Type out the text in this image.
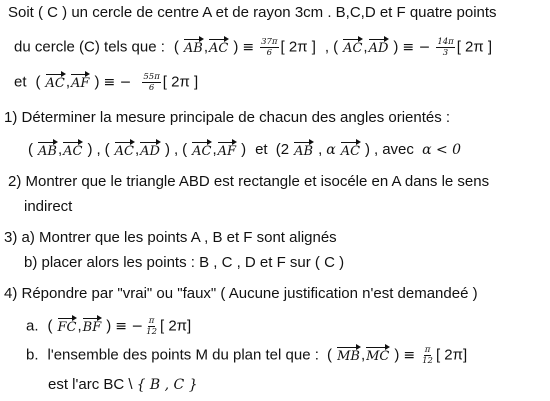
Soit ( C ) un cercle de centre A et de rayon 3cm . B,C,D et F quatre points
du cercle (C) tels que : ( AB,AC ) ≡ $\frac{37\pi}{6}$ [ 2π ] , ( AC,AD ) ≡ − $\frac{14\pi}{3}$ [ 2π ]
et ( AC,AF ) ≡ − $\frac{55\pi}{6}$ [ 2π ]
1) Déterminer la mesure principale de chacun des angles orientés :
( AB,AC ) , ( AC,AD ) , ( AC,AF ) et (2 AB , α AC ) , avec α < 0
2) Montrer que le triangle ABD est rectangle et isocéle en A dans le sens
indirect
3) a) Montrer que les points A , B et F sont alignés
b) placer alors les points : B , C , D et F sur ( C )
4) Répondre par "vrai" ou "faux" ( Aucune justification n'est demandeé )
a. ( FC,BF ) ≡ − $\frac{\pi}{12}$ [ 2π]
b. l'ensemble des points M du plan tel que : ( MB,MC ) ≡ $\frac{\pi}{12}$ [ 2π]
est l'arc BC \ { B , C }
